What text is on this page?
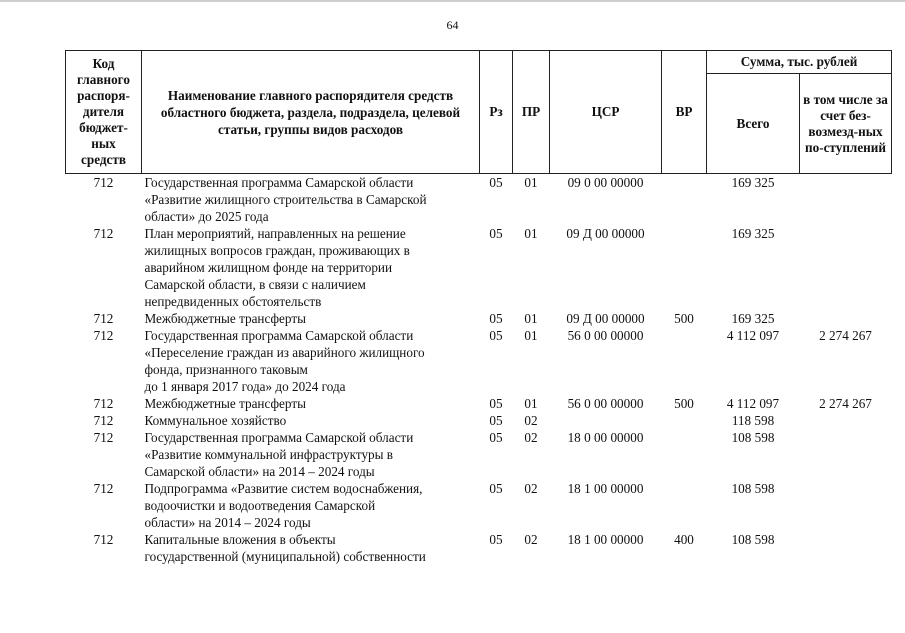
64
Код главного распоря-дителя бюджет-ных средств	Наименование главного распорядителя средств областного бюджета, раздела, подраздела, целевой статьи, группы видов расходов	Рз	ПР	ЦСР	ВР	Сумма, тыс. рублей	
						Всего	в том числе за счет без-возмезд-ных по-ступлений
712	Государственная программа Самарской области
«Развитие жилищного строительства в Самарской
области» до 2025 года	05	01	09 0 00 00000		169 325	
712	План мероприятий, направленных на решение
жилищных вопросов граждан, проживающих в
аварийном жилищном фонде на территории
Самарской области, в связи с наличием
непредвиденных обстоятельств	05	01	09 Д 00 00000		169 325	
712	Межбюджетные трансферты	05	01	09 Д 00 00000	500	169 325	
712	Государственная программа Самарской области
«Переселение граждан из аварийного жилищного
фонда, признанного таковым
до 1 января 2017 года» до 2024 года	05	01	56 0 00 00000		4 112 097	2 274 267
712	Межбюджетные трансферты	05	01	56 0 00 00000	500	4 112 097	2 274 267
712	Коммунальное хозяйство	05	02			118 598	
712	Государственная программа Самарской области
«Развитие коммунальной инфраструктуры в
Самарской области» на 2014 – 2024 годы	05	02	18 0 00 00000		108 598	
712	Подпрограмма «Развитие систем водоснабжения,
водоочистки и водоотведения Самарской
области» на 2014 – 2024 годы	05	02	18 1 00 00000		108 598	
712	Капитальные вложения в объекты
государственной (муниципальной) собственности	05	02	18 1 00 00000	400	108 598	
